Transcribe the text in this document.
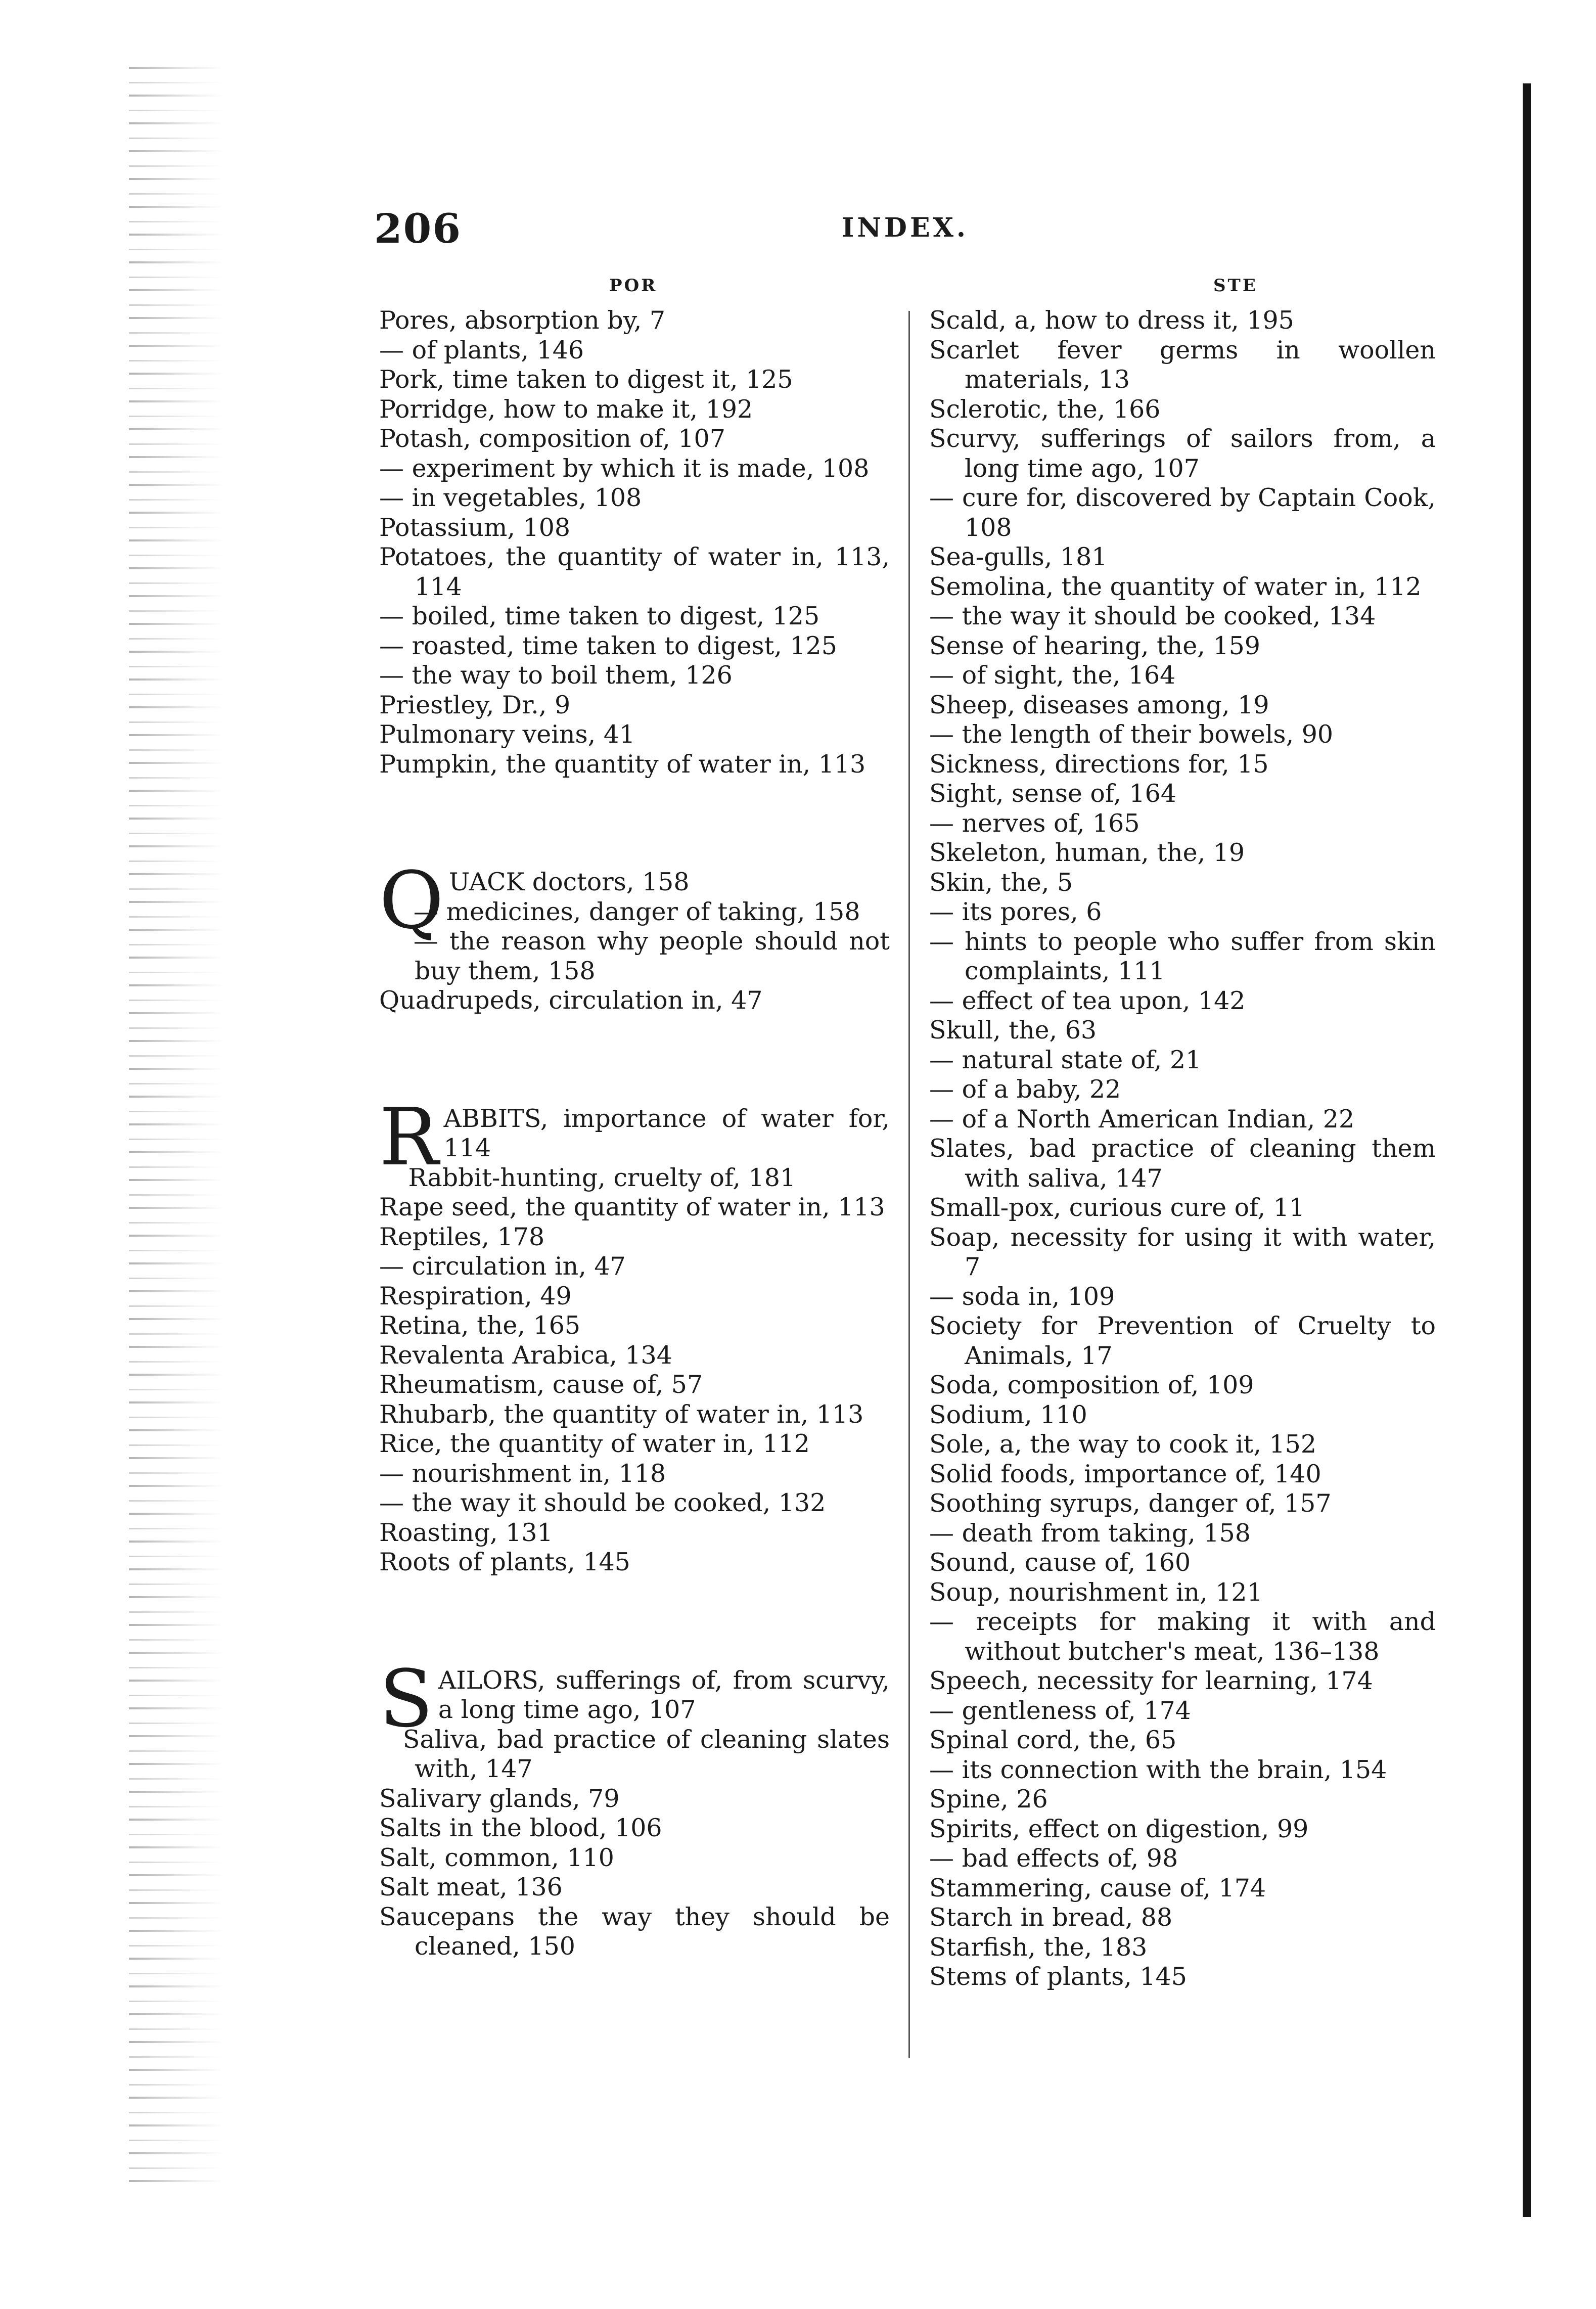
206	INDEX.
POR	STE
Pores, absorption by, 7
— of plants, 146
Pork, time taken to digest it, 125
Porridge, how to make it, 192
Potash, composition of, 107
— experiment by which it is made, 108
— in vegetables, 108
Potassium, 108
Potatoes, the quantity of water in, 113, 114
— boiled, time taken to digest, 125
— roasted, time taken to digest, 125
— the way to boil them, 126
Priestley, Dr., 9
Pulmonary veins, 41
Pumpkin, the quantity of water in, 113
QUACK doctors, 158
— medicines, danger of taking, 158
— the reason why people should not buy them, 158
Quadrupeds, circulation in, 47
RABBITS, importance of water for, 114
Rabbit-hunting, cruelty of, 181
Rape seed, the quantity of water in, 113
Reptiles, 178
— circulation in, 47
Respiration, 49
Retina, the, 165
Revalenta Arabica, 134
Rheumatism, cause of, 57
Rhubarb, the quantity of water in, 113
Rice, the quantity of water in, 112
— nourishment in, 118
— the way it should be cooked, 132
Roasting, 131
Roots of plants, 145
SAILORS, sufferings of, from scurvy, a long time ago, 107
Saliva, bad practice of cleaning slates with, 147
Salivary glands, 79
Salts in the blood, 106
Salt, common, 110
Salt meat, 136
Saucepans the way they should be cleaned, 150
Scald, a, how to dress it, 195
Scarlet fever germs in woollen materials, 13
Sclerotic, the, 166
Scurvy, sufferings of sailors from, a long time ago, 107
— cure for, discovered by Captain Cook, 108
Sea-gulls, 181
Semolina, the quantity of water in, 112
— the way it should be cooked, 134
Sense of hearing, the, 159
— of sight, the, 164
Sheep, diseases among, 19
— the length of their bowels, 90
Sickness, directions for, 15
Sight, sense of, 164
— nerves of, 165
Skeleton, human, the, 19
Skin, the, 5
— its pores, 6
— hints to people who suffer from skin complaints, 111
— effect of tea upon, 142
Skull, the, 63
— natural state of, 21
— of a baby, 22
— of a North American Indian, 22
Slates, bad practice of cleaning them with saliva, 147
Small-pox, curious cure of, 11
Soap, necessity for using it with water, 7
— soda in, 109
Society for Prevention of Cruelty to Animals, 17
Soda, composition of, 109
Sodium, 110
Sole, a, the way to cook it, 152
Solid foods, importance of, 140
Soothing syrups, danger of, 157
— death from taking, 158
Sound, cause of, 160
Soup, nourishment in, 121
— receipts for making it with and without butcher's meat, 136–138
Speech, necessity for learning, 174
— gentleness of, 174
Spinal cord, the, 65
— its connection with the brain, 154
Spine, 26
Spirits, effect on digestion, 99
— bad effects of, 98
Stammering, cause of, 174
Starch in bread, 88
Starfish, the, 183
Stems of plants, 145
